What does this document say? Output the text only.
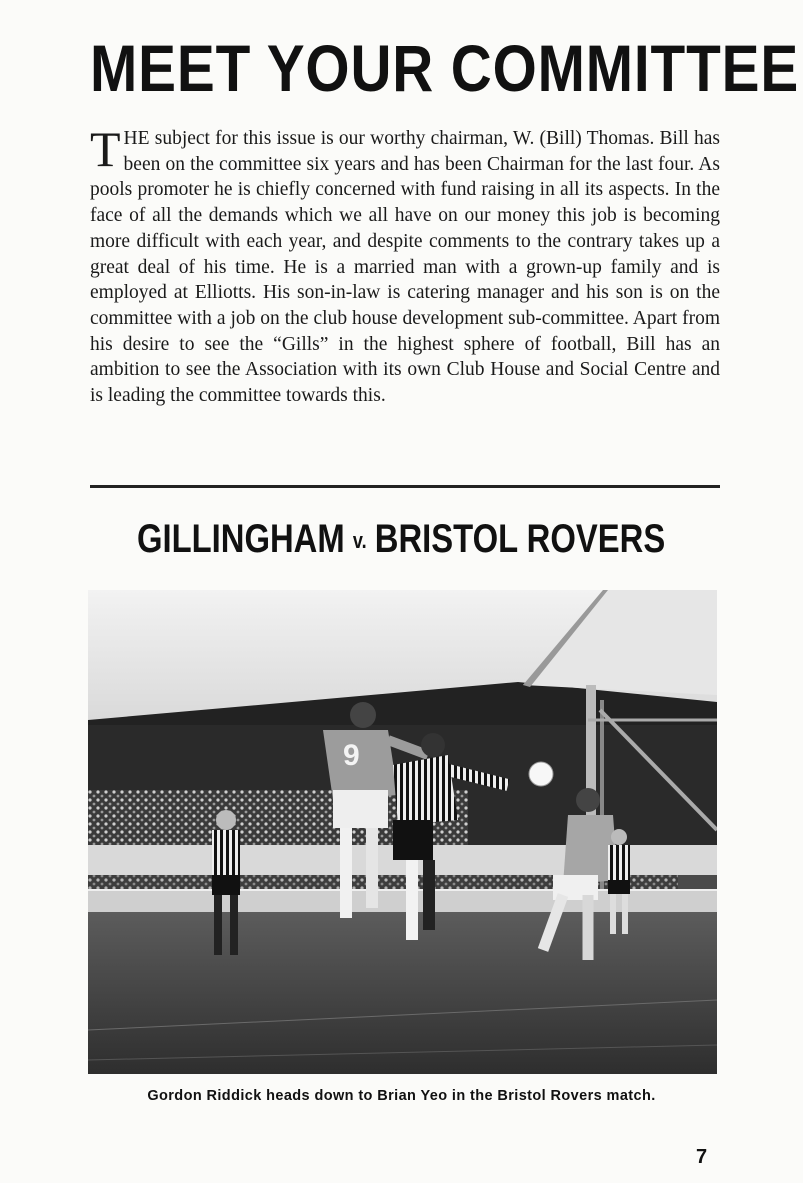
MEET YOUR COMMITTEE
THE subject for this issue is our worthy chairman, W. (Bill) Thomas. Bill has been on the committee six years and has been Chairman for the last four. As pools promoter he is chiefly concerned with fund raising in all its aspects. In the face of all the demands which we all have on our money this job is becoming more difficult with each year, and despite comments to the contrary takes up a great deal of his time. He is a married man with a grown-up family and is employed at Elliotts. His son-in-law is catering manager and his son is on the committee with a job on the club house development sub-committee. Apart from his desire to see the “Gills” in the highest sphere of football, Bill has an ambition to see the Association with its own Club House and Social Centre and is leading the committee towards this.
GILLINGHAM v. BRISTOL ROVERS
9
Gordon Riddick heads down to Brian Yeo in the Bristol Rovers match.
7
